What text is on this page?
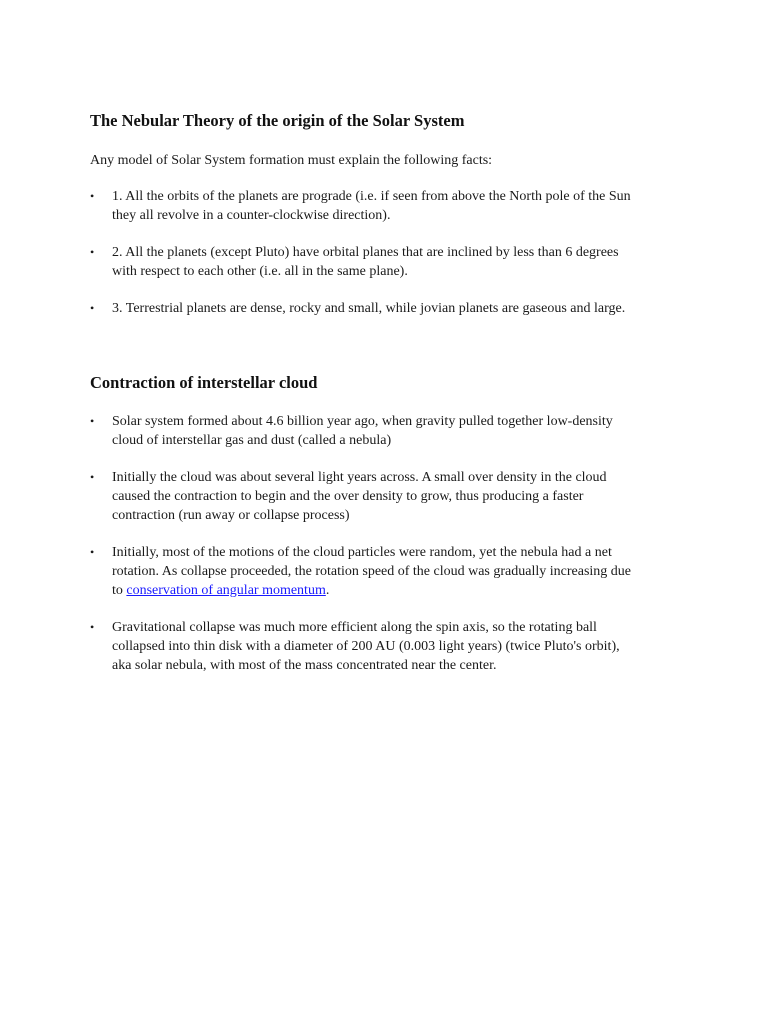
The Nebular Theory of the origin of the Solar System

Any model of Solar System formation must explain the following facts:

• 1. All the orbits of the planets are prograde (i.e. if seen from above the North pole of the Sun
they all revolve in a counter-clockwise direction).
• 2. All the planets (except Pluto) have orbital planes that are inclined by less than 6 degrees
with respect to each other (i.e. all in the same plane).
• 3. Terrestrial planets are dense, rocky and small, while jovian planets are gaseous and large.
Contraction of interstellar cloud
• Solar system formed about 4.6 billion year ago, when gravity pulled together low-density
cloud of interstellar gas and dust (called a nebula)
• Initially the cloud was about several light years across. A small over density in the cloud
caused the contraction to begin and the over density to grow, thus producing a faster
contraction (run away or collapse process)
• Initially, most of the motions of the cloud particles were random, yet the nebula had a net
rotation. As collapse proceeded, the rotation speed of the cloud was gradually increasing due
to conservation of angular momentum.
• Gravitational collapse was much more efficient along the spin axis, so the rotating ball
collapsed into thin disk with a diameter of 200 AU (0.003 light years) (twice Pluto's orbit),
aka solar nebula, with most of the mass concentrated near the center.
